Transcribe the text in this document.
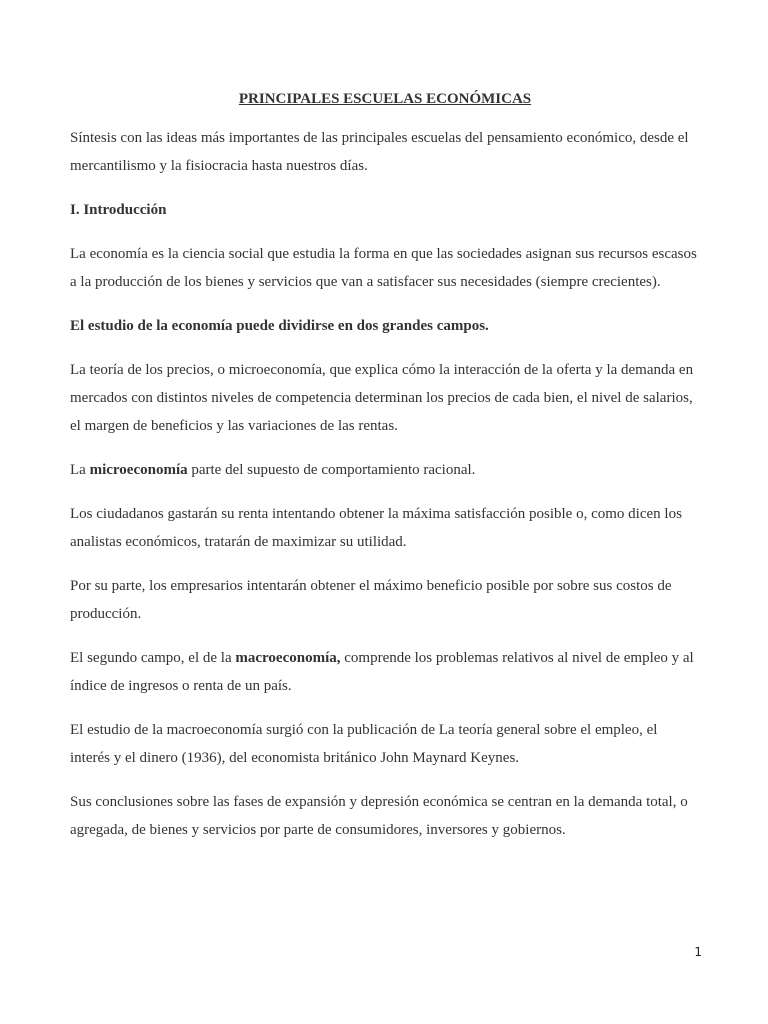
PRINCIPALES ESCUELAS ECONÓMICAS

Síntesis con las ideas más importantes de las principales escuelas del pensamiento económico, desde el mercantilismo y la fisiocracia hasta nuestros días.

I. Introducción

La economía es la ciencia social que estudia la forma en que las sociedades asignan sus recursos escasos a la producción de los bienes y servicios que van a satisfacer sus necesidades (siempre crecientes).

El estudio de la economía puede dividirse en dos grandes campos.

La teoría de los precios, o microeconomía, que explica cómo la interacción de la oferta y la demanda en mercados con distintos niveles de competencia determinan los precios de cada bien, el nivel de salarios, el margen de beneficios y las variaciones de las rentas.

La microeconomía parte del supuesto de comportamiento racional.

Los ciudadanos gastarán su renta intentando obtener la máxima satisfacción posible o, como dicen los analistas económicos, tratarán de maximizar su utilidad.

Por su parte, los empresarios intentarán obtener el máximo beneficio posible por sobre sus costos de producción.

El segundo campo, el de la macroeconomía, comprende los problemas relativos al nivel de empleo y al índice de ingresos o renta de un país.

El estudio de la macroeconomía surgió con la publicación de La teoría general sobre el empleo, el interés y el dinero (1936), del economista británico John Maynard Keynes.

Sus conclusiones sobre las fases de expansión y depresión económica se centran en la demanda total, o agregada, de bienes y servicios por parte de consumidores, inversores y gobiernos.

1
